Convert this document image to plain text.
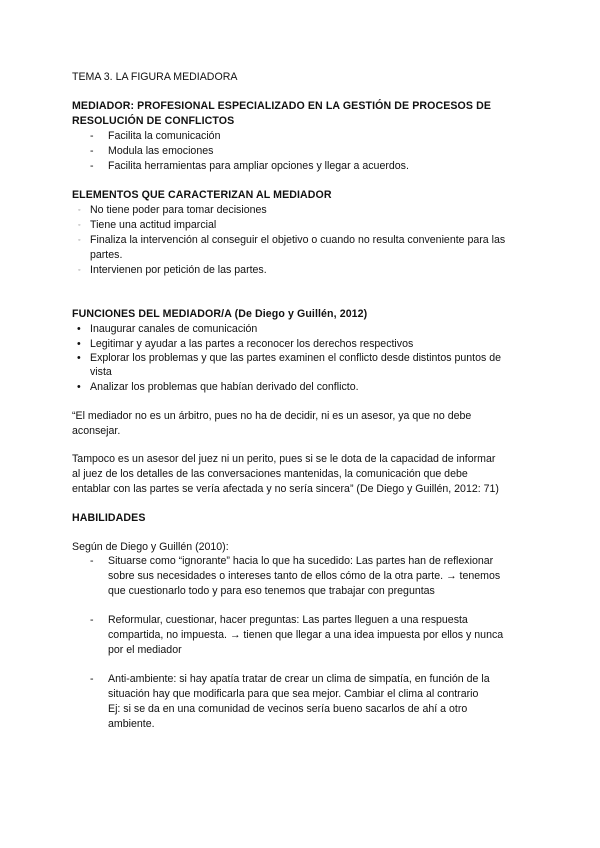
TEMA 3. LA FIGURA MEDIADORA
MEDIADOR: PROFESIONAL ESPECIALIZADO EN LA GESTIÓN DE PROCESOS DE
RESOLUCIÓN DE CONFLICTOS
- Facilita la comunicación
- Modula las emociones
- Facilita herramientas para ampliar opciones y llegar a acuerdos.
ELEMENTOS QUE CARACTERIZAN AL MEDIADOR
◦ No tiene poder para tomar decisiones
◦ Tiene una actitud imparcial
◦ Finaliza la intervención al conseguir el objetivo o cuando no resulta conveniente para las
partes.
◦ Intervienen por petición de las partes.
FUNCIONES DEL MEDIADOR/A (De Diego y Guillén, 2012)
• Inaugurar canales de comunicación
• Legitimar y ayudar a las partes a reconocer los derechos respectivos
• Explorar los problemas y que las partes examinen el conflicto desde distintos puntos de
vista
• Analizar los problemas que habían derivado del conflicto.
“El mediador no es un árbitro, pues no ha de decidir, ni es un asesor, ya que no debe
aconsejar.
Tampoco es un asesor del juez ni un perito, pues si se le dota de la capacidad de informar
al juez de los detalles de las conversaciones mantenidas, la comunicación que debe
entablar con las partes se vería afectada y no sería sincera” (De Diego y Guillén, 2012: 71)
HABILIDADES
Según de Diego y Guillén (2010):
- Situarse como “ignorante” hacia lo que ha sucedido: Las partes han de reflexionar
sobre sus necesidades o intereses tanto de ellos cómo de la otra parte. → tenemos
que cuestionarlo todo y para eso tenemos que trabajar con preguntas
- Reformular, cuestionar, hacer preguntas: Las partes lleguen a una respuesta
compartida, no impuesta. → tienen que llegar a una idea impuesta por ellos y nunca
por el mediador
- Anti-ambiente: si hay apatía tratar de crear un clima de simpatía, en función de la
situación hay que modificarla para que sea mejor. Cambiar el clima al contrario
Ej: si se da en una comunidad de vecinos sería bueno sacarlos de ahí a otro
ambiente.
